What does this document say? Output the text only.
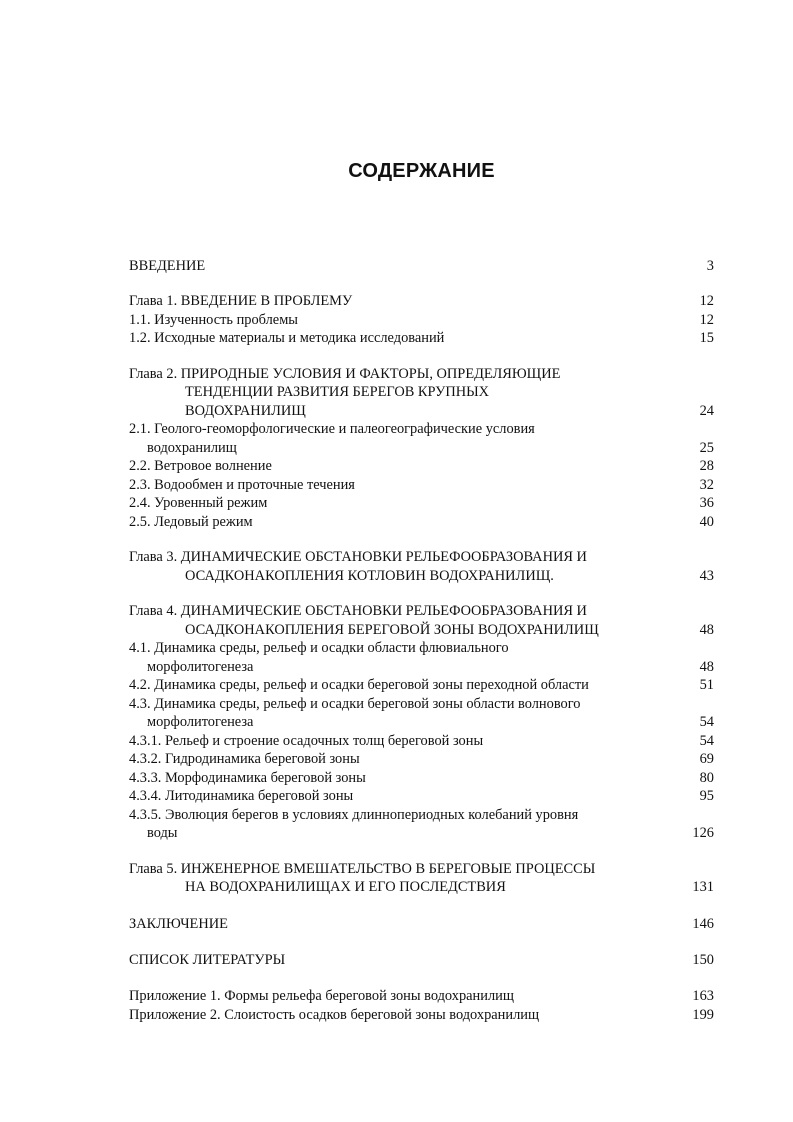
СОДЕРЖАНИЕ
ВВЕДЕНИЕ	3
Глава 1. ВВЕДЕНИЕ В ПРОБЛЕМУ	12
1.1. Изученность проблемы	12
1.2. Исходные материалы и методика исследований	15
Глава 2. ПРИРОДНЫЕ УСЛОВИЯ И ФАКТОРЫ, ОПРЕДЕЛЯЮЩИЕ
ТЕНДЕНЦИИ РАЗВИТИЯ БЕРЕГОВ КРУПНЫХ
ВОДОХРАНИЛИЩ	24
2.1. Геолого-геоморфологические и палеогеографические условия
водохранилищ	25
2.2. Ветровое волнение	28
2.3. Водообмен и проточные течения	32
2.4. Уровенный режим	36
2.5. Ледовый режим	40
Глава 3. ДИНАМИЧЕСКИЕ ОБСТАНОВКИ РЕЛЬЕФООБРАЗОВАНИЯ И
ОСАДКОНАКОПЛЕНИЯ КОТЛОВИН ВОДОХРАНИЛИЩ.	43
Глава 4. ДИНАМИЧЕСКИЕ ОБСТАНОВКИ РЕЛЬЕФООБРАЗОВАНИЯ И
ОСАДКОНАКОПЛЕНИЯ БЕРЕГОВОЙ ЗОНЫ ВОДОХРАНИЛИЩ	48
4.1. Динамика среды, рельеф и осадки области флювиального
морфолитогенеза	48
4.2. Динамика среды, рельеф и осадки береговой зоны переходной области	51
4.3. Динамика среды, рельеф и осадки береговой зоны области волнового
морфолитогенеза	54
4.3.1. Рельеф и строение осадочных толщ береговой зоны	54
4.3.2. Гидродинамика береговой зоны	69
4.3.3. Морфодинамика береговой зоны	80
4.3.4. Литодинамика береговой зоны	95
4.3.5. Эволюция берегов в условиях длиннопериодных колебаний уровня
воды	126
Глава 5. ИНЖЕНЕРНОЕ ВМЕШАТЕЛЬСТВО В БЕРЕГОВЫЕ ПРОЦЕССЫ
НА ВОДОХРАНИЛИЩАХ И ЕГО ПОСЛЕДСТВИЯ	131
ЗАКЛЮЧЕНИЕ	146
СПИСОК ЛИТЕРАТУРЫ	150
Приложение 1. Формы рельефа береговой зоны водохранилищ	163
Приложение 2. Слоистость осадков береговой зоны водохранилищ	199
